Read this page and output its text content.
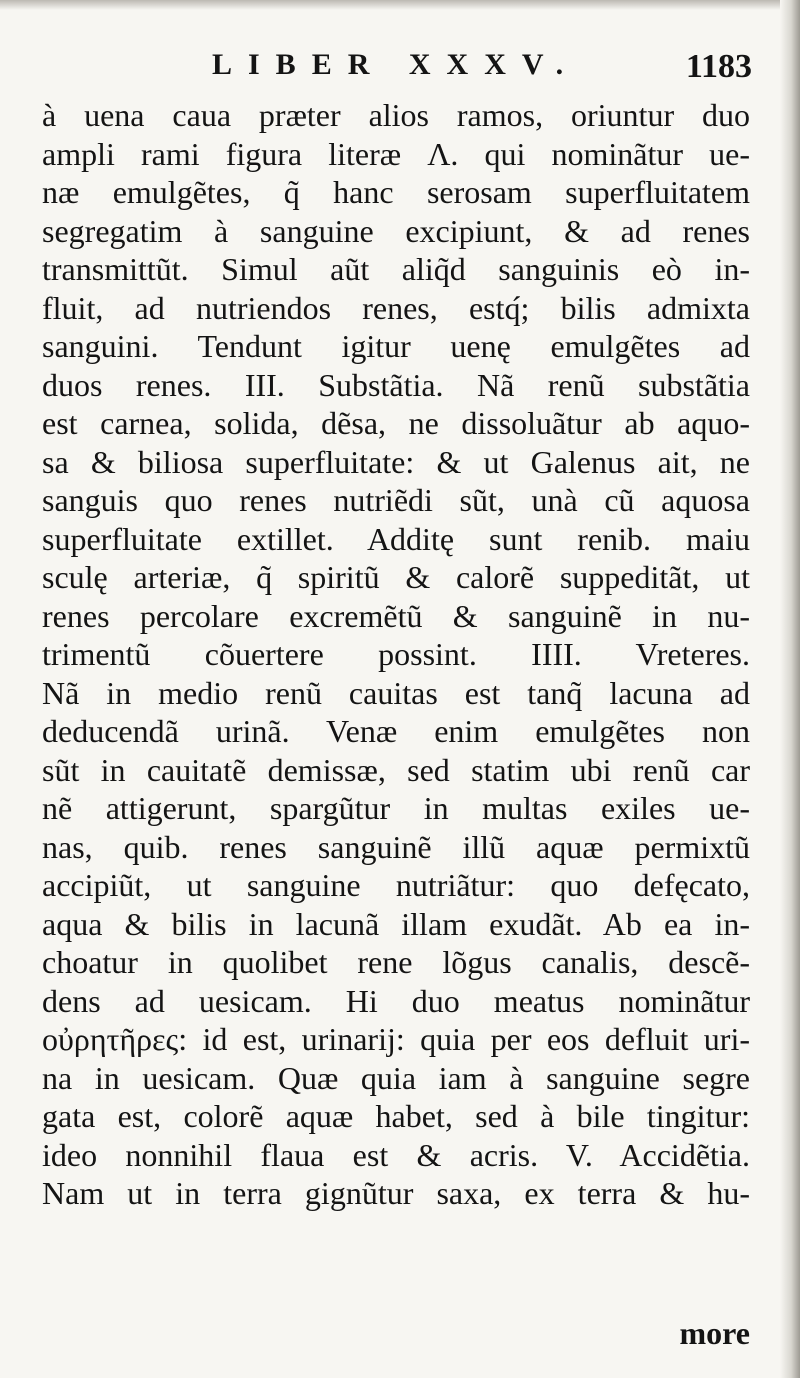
LIBER XXXV.	1183
à uena caua præter alios ramos, oriuntur duo
ampli rami figura literæ Λ. qui nominãtur ue-
næ emulgẽtes, q̃ hanc serosam superfluitatem
segregatim à sanguine excipiunt, & ad renes
transmittũt. Simul aũt aliq̃d sanguinis eò in-
fluit, ad nutriendos renes, estq́; bilis admixta
sanguini. Tendunt igitur uenę emulgẽtes ad
duos renes. III. Substãtia. Nã renũ substãtia
est carnea, solida, dẽsa, ne dissoluãtur ab aquo-
sa & biliosa superfluitate: & ut Galenus ait, ne
sanguis quo renes nutriẽdi sũt, unà cũ aquosa
superfluitate extillet. Additę sunt renib. maiu
sculę arteriæ, q̃ spiritũ & calorẽ suppeditãt, ut
renes percolare excremẽtũ & sanguinẽ in nu-
trimentũ cõuertere possint. IIII. Vreteres.
Nã in medio renũ cauitas est tanq̃ lacuna ad
deducendã urinã. Venæ enim emulgẽtes non
sũt in cauitatẽ demissæ, sed statim ubi renũ car
nẽ attigerunt, spargũtur in multas exiles ue-
nas, quib. renes sanguinẽ illũ aquæ permixtũ
accipiũt, ut sanguine nutriãtur: quo defęcato,
aqua & bilis in lacunã illam exudãt. Ab ea in-
choatur in quolibet rene lõgus canalis, descẽ-
dens ad uesicam. Hi duo meatus nominãtur
οὐρητῆρες: id est, urinarij: quia per eos defluit uri-
na in uesicam. Quæ quia iam à sanguine segre
gata est, colorẽ aquæ habet, sed à bile tingitur:
ideo nonnihil flaua est & acris. V. Accidẽtia.
Nam ut in terra gignũtur saxa, ex terra & hu-
more
